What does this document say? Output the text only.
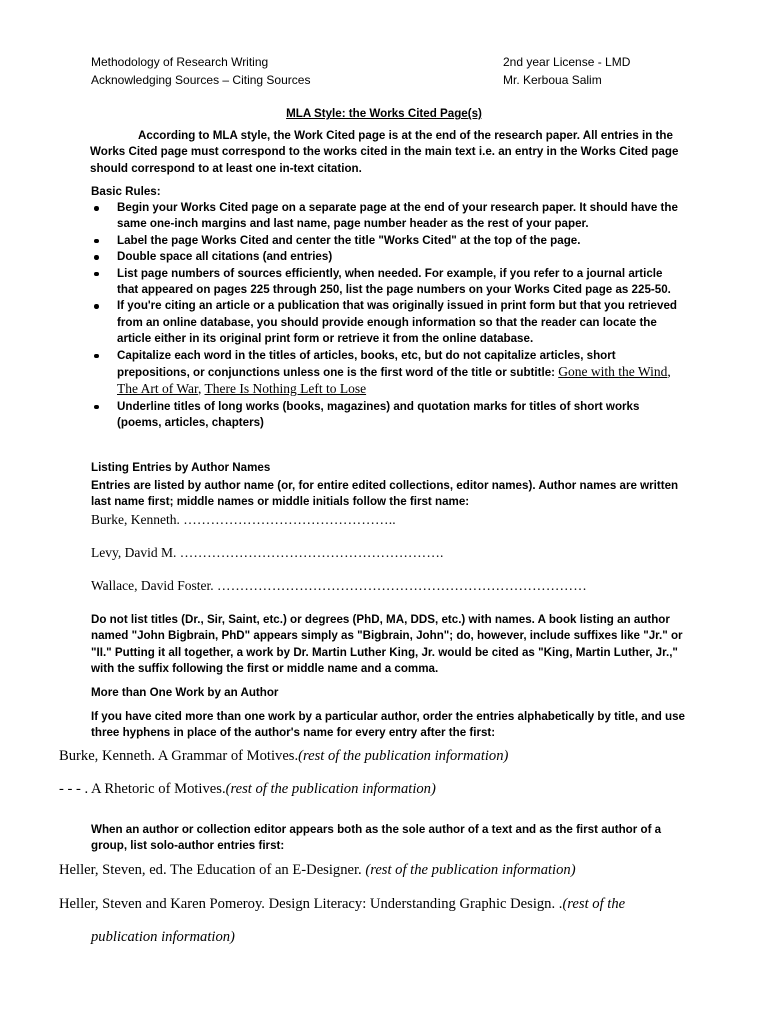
Methodology of Research Writing
Acknowledging Sources – Citing Sources
2nd year License - LMD
Mr. Kerboua Salim
MLA Style: the Works Cited Page(s)

According to MLA style, the Work Cited page is at the end of the research paper. All entries in the Works Cited page must correspond to the works cited in the main text i.e. an entry in the Works Cited page should correspond to at least one in-text citation.

Basic Rules:
Begin your Works Cited page on a separate page at the end of your research paper. It should have the same one-inch margins and last name, page number header as the rest of your paper.
Label the page Works Cited and center the title "Works Cited" at the top of the page.
Double space all citations (and entries)
List page numbers of sources efficiently, when needed. For example, if you refer to a journal article that appeared on pages 225 through 250, list the page numbers on your Works Cited page as 225-50.
If you're citing an article or a publication that was originally issued in print form but that you retrieved from an online database, you should provide enough information so that the reader can locate the article either in its original print form or retrieve it from the online database.
Capitalize each word in the titles of articles, books, etc, but do not capitalize articles, short prepositions, or conjunctions unless one is the first word of the title or subtitle: Gone with the Wind, The Art of War, There Is Nothing Left to Lose
Underline titles of long works (books, magazines) and quotation marks for titles of short works (poems, articles, chapters)
Listing Entries by Author Names

Entries are listed by author name (or, for entire edited collections, editor names). Author names are written last name first; middle names or middle initials follow the first name:

Burke, Kenneth. ………………………………………..
Levy, David M. ………………………………………………….
Wallace, David Foster. ………………………………………………………………………

Do not list titles (Dr., Sir, Saint, etc.) or degrees (PhD, MA, DDS, etc.) with names. A book listing an author named "John Bigbrain, PhD" appears simply as "Bigbrain, John"; do, however, include suffixes like "Jr." or "II." Putting it all together, a work by Dr. Martin Luther King, Jr. would be cited as "King, Martin Luther, Jr.," with the suffix following the first or middle name and a comma.

More than One Work by an Author

If you have cited more than one work by a particular author, order the entries alphabetically by title, and use three hyphens in place of the author's name for every entry after the first:

Burke, Kenneth. A Grammar of Motives.(rest of the publication information)
- - - . A Rhetoric of Motives.(rest of the publication information)

When an author or collection editor appears both as the sole author of a text and as the first author of a group, list solo-author entries first:

Heller, Steven, ed. The Education of an E-Designer. (rest of the publication information)
Heller, Steven and Karen Pomeroy. Design Literacy: Understanding Graphic Design. .(rest of the
publication information)
